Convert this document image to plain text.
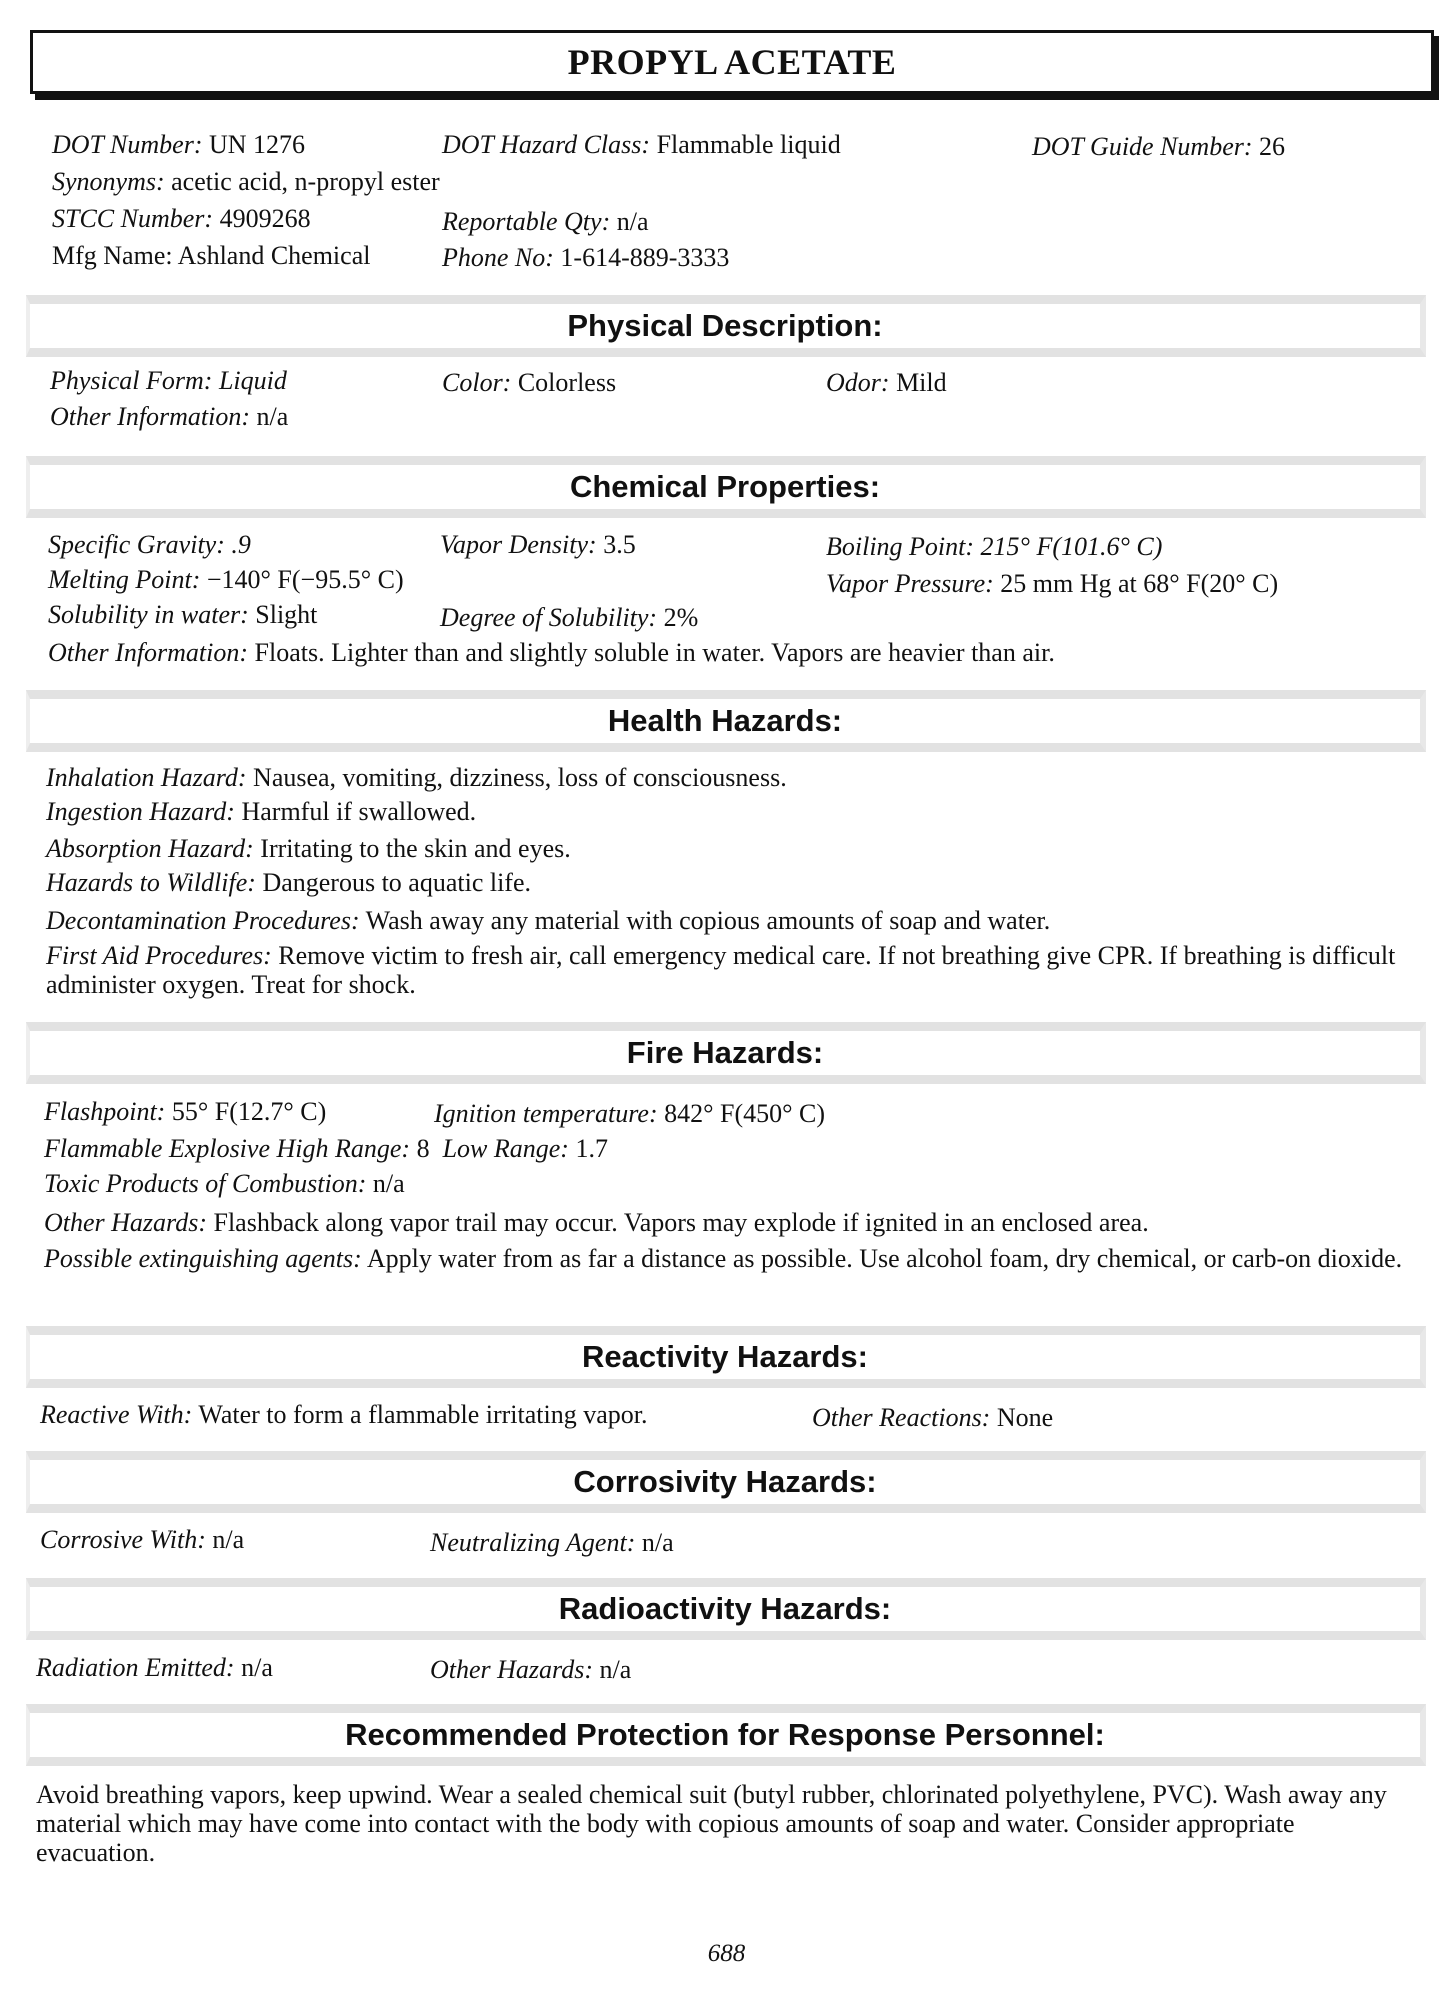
PROPYL ACETATE
DOT Number: UN 1276	DOT Hazard Class: Flammable liquid	DOT Guide Number: 26
Synonyms: acetic acid, n-propyl ester
STCC Number: 4909268	Reportable Qty: n/a
Mfg Name: Ashland Chemical	Phone No: 1-614-889-3333
Physical Description:
Physical Form: Liquid	Color: Colorless	Odor: Mild
Other Information: n/a
Chemical Properties:
Specific Gravity: .9	Vapor Density: 3.5	Boiling Point: 215° F(101.6° C)
Melting Point: −140° F(−95.5° C)	Vapor Pressure: 25 mm Hg at 68° F(20° C)
Solubility in water: Slight	Degree of Solubility: 2%
Other Information: Floats. Lighter than and slightly soluble in water. Vapors are heavier than air.
Health Hazards:
Inhalation Hazard: Nausea, vomiting, dizziness, loss of consciousness.
Ingestion Hazard: Harmful if swallowed.
Absorption Hazard: Irritating to the skin and eyes.
Hazards to Wildlife: Dangerous to aquatic life.
Decontamination Procedures: Wash away any material with copious amounts of soap and water.
First Aid Procedures: Remove victim to fresh air, call emergency medical care. If not breathing give CPR. If breathing is difficult administer oxygen. Treat for shock.
Fire Hazards:
Flashpoint: 55° F(12.7° C)	Ignition temperature: 842° F(450° C)
Flammable Explosive High Range: 8 Low Range: 1.7
Toxic Products of Combustion: n/a
Other Hazards: Flashback along vapor trail may occur. Vapors may explode if ignited in an enclosed area.
Possible extinguishing agents: Apply water from as far a distance as possible. Use alcohol foam, dry chemical, or carb-on dioxide.
Reactivity Hazards:
Reactive With: Water to form a flammable irritating vapor.	Other Reactions: None
Corrosivity Hazards:
Corrosive With: n/a	Neutralizing Agent: n/a
Radioactivity Hazards:
Radiation Emitted: n/a	Other Hazards: n/a
Recommended Protection for Response Personnel:
Avoid breathing vapors, keep upwind. Wear a sealed chemical suit (butyl rubber, chlorinated polyethylene, PVC). Wash away any material which may have come into contact with the body with copious amounts of soap and water. Consider appropriate evacuation.
688
